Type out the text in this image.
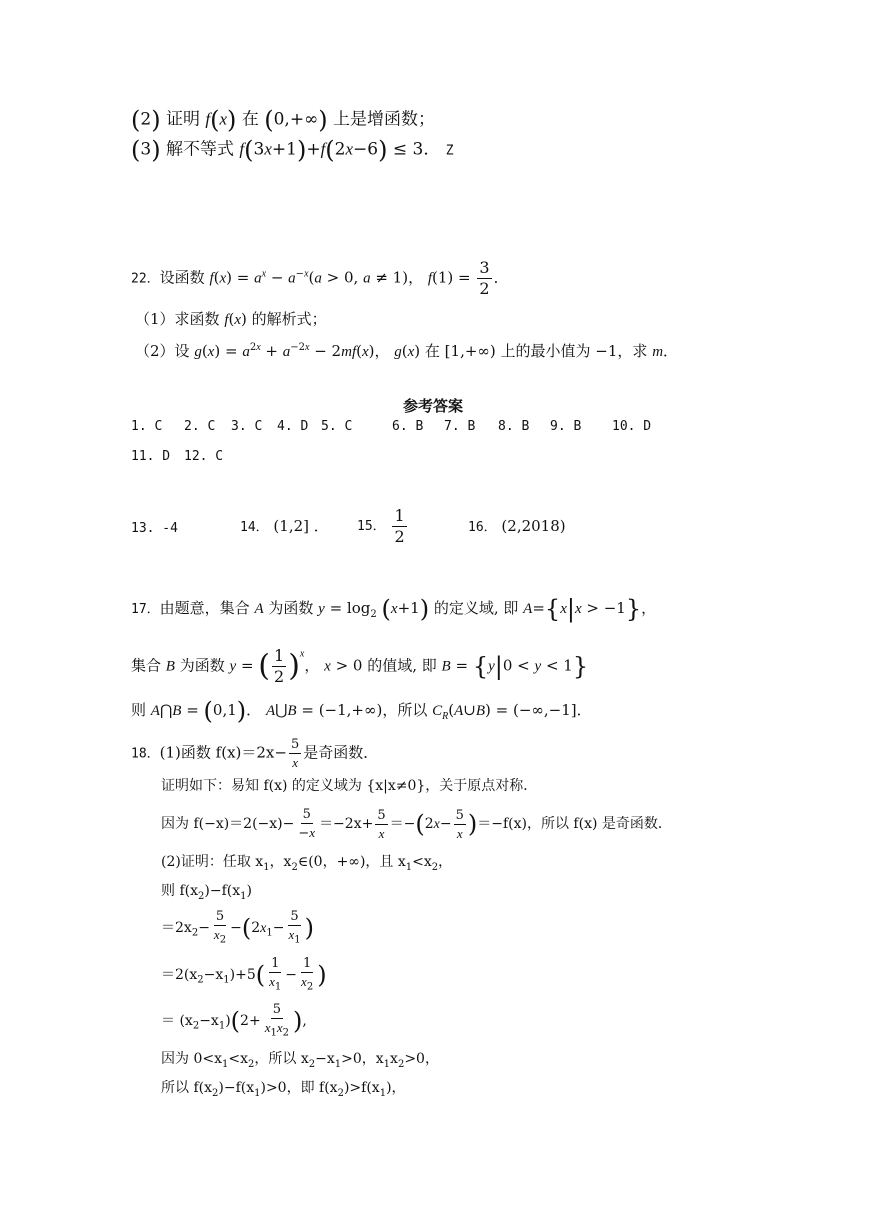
(2) 证明 f(x) 在 (0,+∞) 上是增函数；
(3) 解不等式 f(3x+1)+f(2x−6) ≤ 3． Z
22．设函数 $f(x) = a^x - a^{-x}(a > 0$, a ≠ 1)， $f(1) = \frac{3}{2}$ ．
（1）求函数 f(x) 的解析式；
（2）设 $g(x) = a^{2x} + a^{-2x} - 2mf(x)$， g(x) 在 [1,+∞) 上的最小值为 −1，求 m．
参考答案
1. C 2. C 3. C 4. D 5. C	6. B 7. B 8. B 9. B 10. D
11. D 12. C
13. -4	14． (1,2] ． 15． $\frac{1}{2}$	16． (2,2018)
17．由题意，集合 A 为函数 $y = \log_2 (x+1)$ 的定义域, 即 A={x|x > −1}，
集合 B 为函数 y = ( $\frac{1}{2} )^x$， x > 0 的值域, 即 B = {y|0 < y < 1}
则 A⋂B = (0,1)． A⋃B = (−1,+∞)，所以 $C_R(A\cup B) = (-\infty,-1]$．
18．(1)函数 $f(x)=2x- \frac{5}{x}$ 是奇函数．
证明如下：易知 f(x) 的定义域为 {x|x≠0}，关于原点对称．
因为 $f(-x)=2(-x)- \frac{5}{-x} =-2x+ \frac{5}{x} =-(2x- \frac{5}{x} )=-f(x)$，所以 f(x) 是奇函数．
(2)证明：任取 $x_1$，$x_2\in(0$，+∞)，且 $x_1<x_2$，
则 $f(x_2)-f(x_1)$
$=2x_2- \frac{5}{x_2} -(2x_1- \frac{5}{x_1}$ )
$=2(x_2-x_1)+5( \frac{1}{x_1} - \frac{1}{x_2}$ )
＝ $(x_2-x_1)(2+ \frac{5}{x_1x_2}$ ),
因为 $0<x_1<x_2$，所以 $x_2-x_1>0$，$x_1x_2>0$，
所以 $f(x_2)-f(x_1)>0$，即 $f(x_2)>f(x_1)$，
